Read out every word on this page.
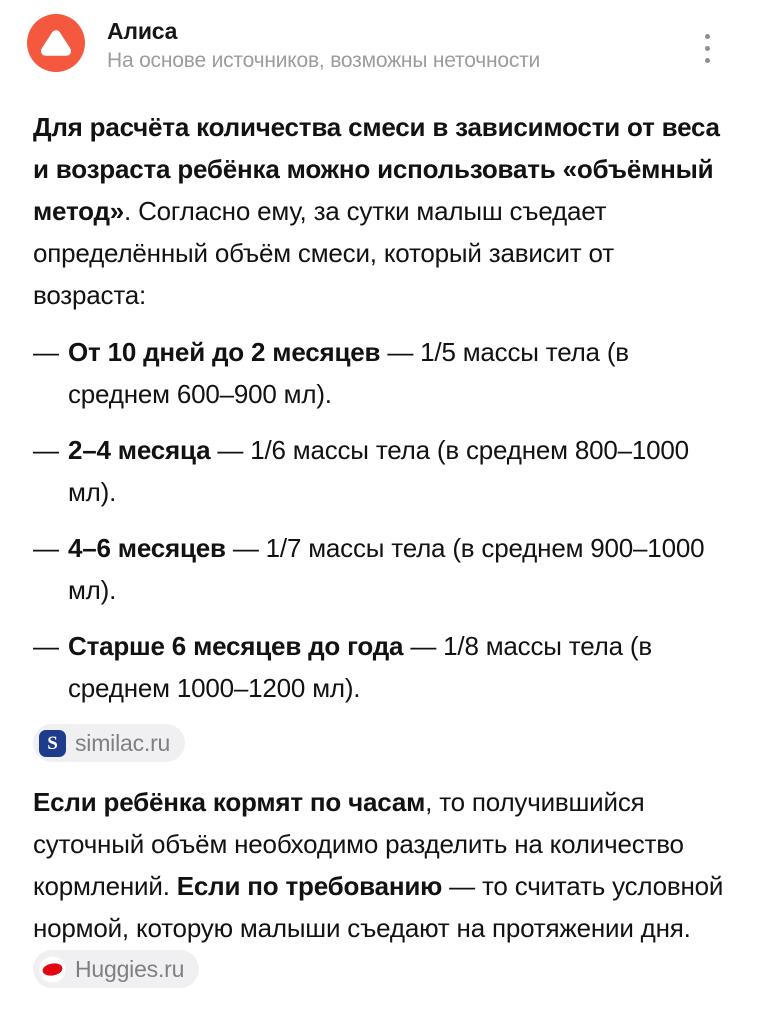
Алиса
На основе источников, возможны неточности

Для расчёта количества смеси в зависимости от веса и возраста ребёнка можно использовать «объёмный метод». Согласно ему, за сутки малыш съедает определённый объём смеси, который зависит от возраста:

— От 10 дней до 2 месяцев — 1/5 массы тела (в среднем 600–900 мл).
— 2–4 месяца — 1/6 массы тела (в среднем 800–1000 мл).
— 4–6 месяцев — 1/7 массы тела (в среднем 900–1000 мл).
— Старше 6 месяцев до года — 1/8 массы тела (в среднем 1000–1200 мл).
S similac.ru

Если ребёнка кормят по часам, то получившийся суточный объём необходимо разделить на количество кормлений. Если по требованию — то считать условной нормой, которую малыши съедают на протяжении дня.
Huggies.ru
